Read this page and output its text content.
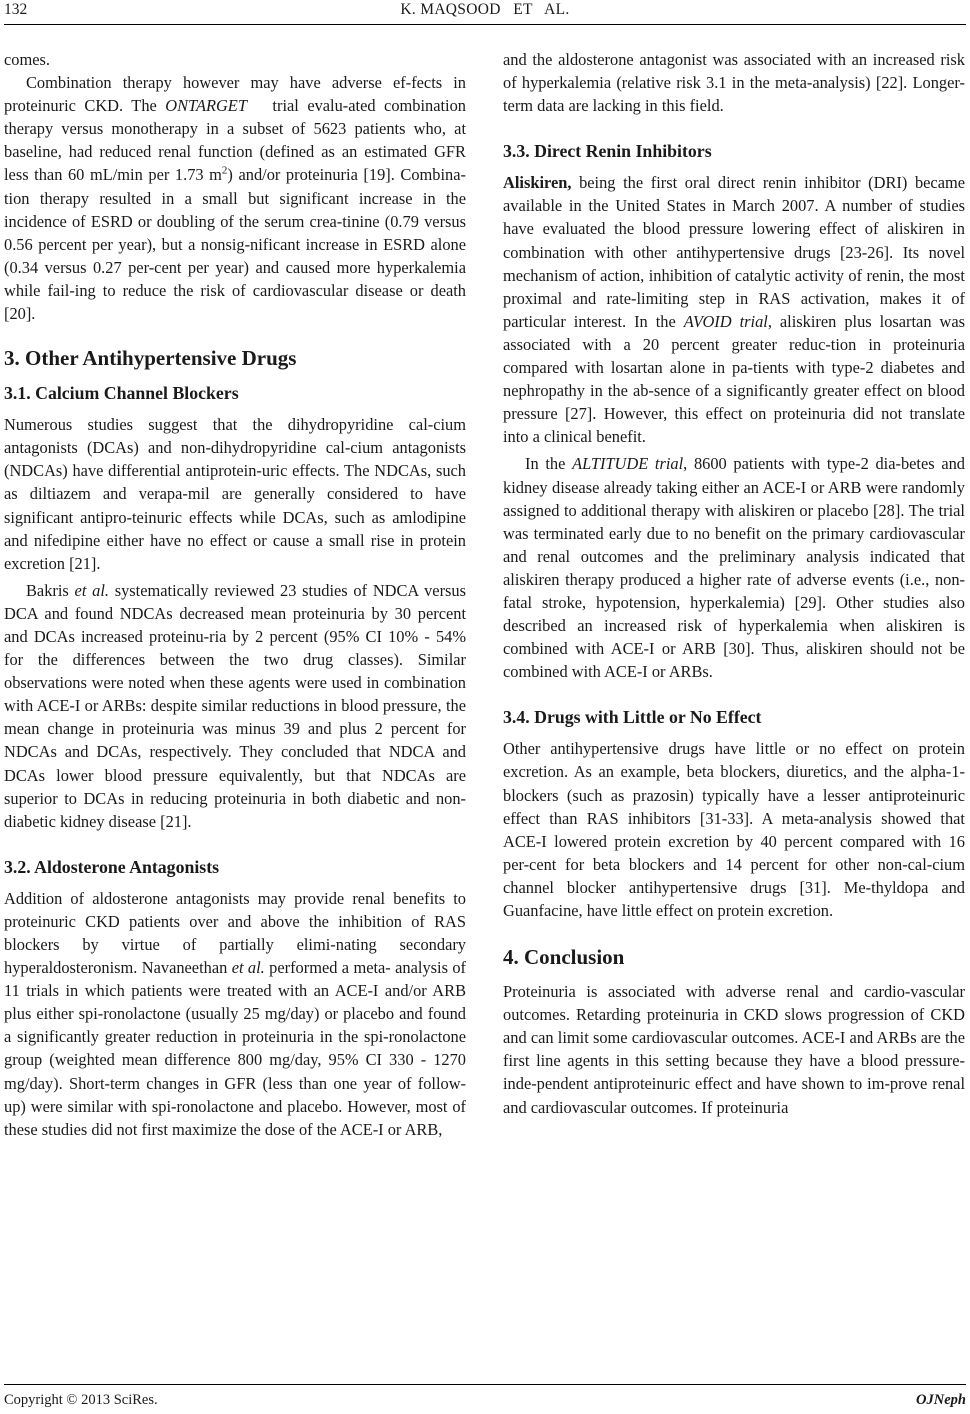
132	K. MAQSOOD   ET   AL.

comes.

Combination therapy however may have adverse ef-fects in proteinuric CKD. The ONTARGET   trial evalu-ated combination therapy versus monotherapy in a subset of 5623 patients who, at baseline, had reduced renal function (defined as an estimated GFR less than 60 mL/min per 1.73 $m^2$) and/or proteinuria [19]. Combina-tion therapy resulted in a small but significant increase in the incidence of ESRD or doubling of the serum crea-tinine (0.79 versus 0.56 percent per year), but a nonsig-nificant increase in ESRD alone (0.34 versus 0.27 per-cent per year) and caused more hyperkalemia while fail-ing to reduce the risk of cardiovascular disease or death [20].

3. Other Antihypertensive Drugs
3.1. Calcium Channel Blockers

Numerous studies suggest that the dihydropyridine cal-cium antagonists (DCAs) and non-dihydropyridine cal-cium antagonists (NDCAs) have differential antiprotein-uric effects. The NDCAs, such as diltiazem and verapa-mil are generally considered to have significant antipro-teinuric effects while DCAs, such as amlodipine and nifedipine either have no effect or cause a small rise in protein excretion [21].

Bakris et al. systematically reviewed 23 studies of NDCA versus DCA and found NDCAs decreased mean proteinuria by 30 percent and DCAs increased proteinu-ria by 2 percent (95% CI 10% - 54% for the differences between the two drug classes). Similar observations were noted when these agents were used in combination with ACE-I or ARBs: despite similar reductions in blood pressure, the mean change in proteinuria was minus 39 and plus 2 percent for NDCAs and DCAs, respectively. They concluded that NDCA and DCAs lower blood pressure equivalently, but that NDCAs are superior to DCAs in reducing proteinuria in both diabetic and non-diabetic kidney disease [21].

3.2. Aldosterone Antagonists

Addition of aldosterone antagonists may provide renal benefits to proteinuric CKD patients over and above the inhibition of RAS blockers by virtue of partially elimi-nating secondary hyperaldosteronism. Navaneethan et al. performed a meta- analysis of 11 trials in which patients were treated with an ACE-I and/or ARB plus either spi-ronolactone (usually 25 mg/day) or placebo and found a significantly greater reduction in proteinuria in the spi-ronolactone group (weighted mean difference 800 mg/day, 95% CI 330 - 1270 mg/day). Short-term changes in GFR (less than one year of follow-up) were similar with spi-ronolactone and placebo. However, most of these studies did not first maximize the dose of the ACE-I or ARB,

and the aldosterone antagonist was associated with an increased risk of hyperkalemia (relative risk 3.1 in the meta-analysis) [22]. Longer-term data are lacking in this field.

3.3. Direct Renin Inhibitors

Aliskiren, being the first oral direct renin inhibitor (DRI) became available in the United States in March 2007. A number of studies have evaluated the blood pressure lowering effect of aliskiren in combination with other antihypertensive drugs [23-26]. Its novel mechanism of action, inhibition of catalytic activity of renin, the most proximal and rate-limiting step in RAS activation, makes it of particular interest. In the AVOID trial, aliskiren plus losartan was associated with a 20 percent greater reduc-tion in proteinuria compared with losartan alone in pa-tients with type-2 diabetes and nephropathy in the ab-sence of a significantly greater effect on blood pressure [27]. However, this effect on proteinuria did not translate into a clinical benefit.

In the ALTITUDE trial, 8600 patients with type-2 dia-betes and kidney disease already taking either an ACE-I or ARB were randomly assigned to additional therapy with aliskiren or placebo [28]. The trial was terminated early due to no benefit on the primary cardiovascular and renal outcomes and the preliminary analysis indicated that aliskiren therapy produced a higher rate of adverse events (i.e., non-fatal stroke, hypotension, hyperkalemia) [29]. Other studies also described an increased risk of hyperkalemia when aliskiren is combined with ACE-I or ARB [30]. Thus, aliskiren should not be combined with ACE-I or ARBs.

3.4. Drugs with Little or No Effect

Other antihypertensive drugs have little or no effect on protein excretion. As an example, beta blockers, diuretics, and the alpha-1-blockers (such as prazosin) typically have a lesser antiproteinuric effect than RAS inhibitors [31-33]. A meta-analysis showed that ACE-I lowered protein excretion by 40 percent compared with 16 per-cent for beta blockers and 14 percent for other non-cal-cium channel blocker antihypertensive drugs [31]. Me-thyldopa and Guanfacine, have little effect on protein excretion.

4. Conclusion

Proteinuria is associated with adverse renal and cardio-vascular outcomes. Retarding proteinuria in CKD slows progression of CKD and can limit some cardiovascular outcomes. ACE-I and ARBs are the first line agents in this setting because they have a blood pressure-inde-pendent antiproteinuric effect and have shown to im-prove renal and cardiovascular outcomes. If proteinuria

Copyright © 2013 SciRes.	OJNeph
